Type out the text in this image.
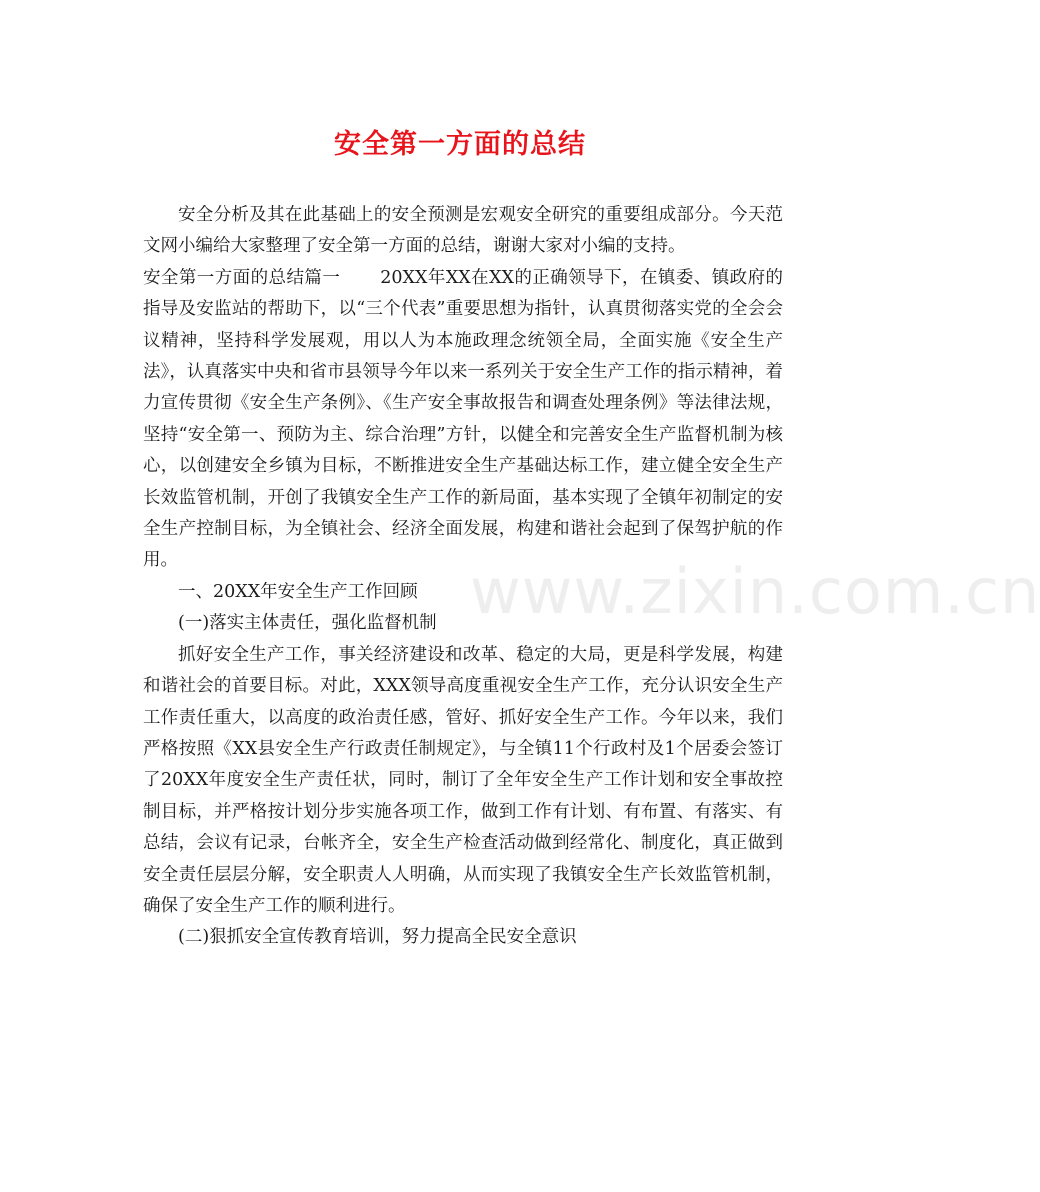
安全第一方面的总结

安全分析及其在此基础上的安全预测是宏观安全研究的重要组成部分。今天范文网小编给大家整理了安全第一方面的总结，谢谢大家对小编的支持。

安全第一方面的总结篇一 20XX年XX在XX的正确领导下，在镇委、镇政府的指导及安监站的帮助下，以“三个代表”重要思想为指针，认真贯彻落实党的全会会议精神，坚持科学发展观，用以人为本施政理念统领全局，全面实施《安全生产法》，认真落实中央和省市县领导今年以来一系列关于安全生产工作的指示精神，着力宣传贯彻《安全生产条例》、《生产安全事故报告和调查处理条例》等法律法规，坚持“安全第一、预防为主、综合治理”方针，以健全和完善安全生产监督机制为核心，以创建安全乡镇为目标，不断推进安全生产基础达标工作，建立健全安全生产长效监管机制，开创了我镇安全生产工作的新局面，基本实现了全镇年初制定的安全生产控制目标，为全镇社会、经济全面发展，构建和谐社会起到了保驾护航的作用。

一、20XX年安全生产工作回顾

(一)落实主体责任，强化监督机制

抓好安全生产工作，事关经济建设和改革、稳定的大局，更是科学发展，构建和谐社会的首要目标。对此，XXX领导高度重视安全生产工作，充分认识安全生产工作责任重大，以高度的政治责任感，管好、抓好安全生产工作。今年以来，我们严格按照《XX县安全生产行政责任制规定》，与全镇11个行政村及1个居委会签订了20XX年度安全生产责任状，同时，制订了全年安全生产工作计划和安全事故控制目标，并严格按计划分步实施各项工作，做到工作有计划、有布置、有落实、有总结，会议有记录，台帐齐全，安全生产检查活动做到经常化、制度化，真正做到安全责任层层分解，安全职责人人明确，从而实现了我镇安全生产长效监管机制，确保了安全生产工作的顺利进行。

(二)狠抓安全宣传教育培训，努力提高全民安全意识

www.zixin.com.cn
